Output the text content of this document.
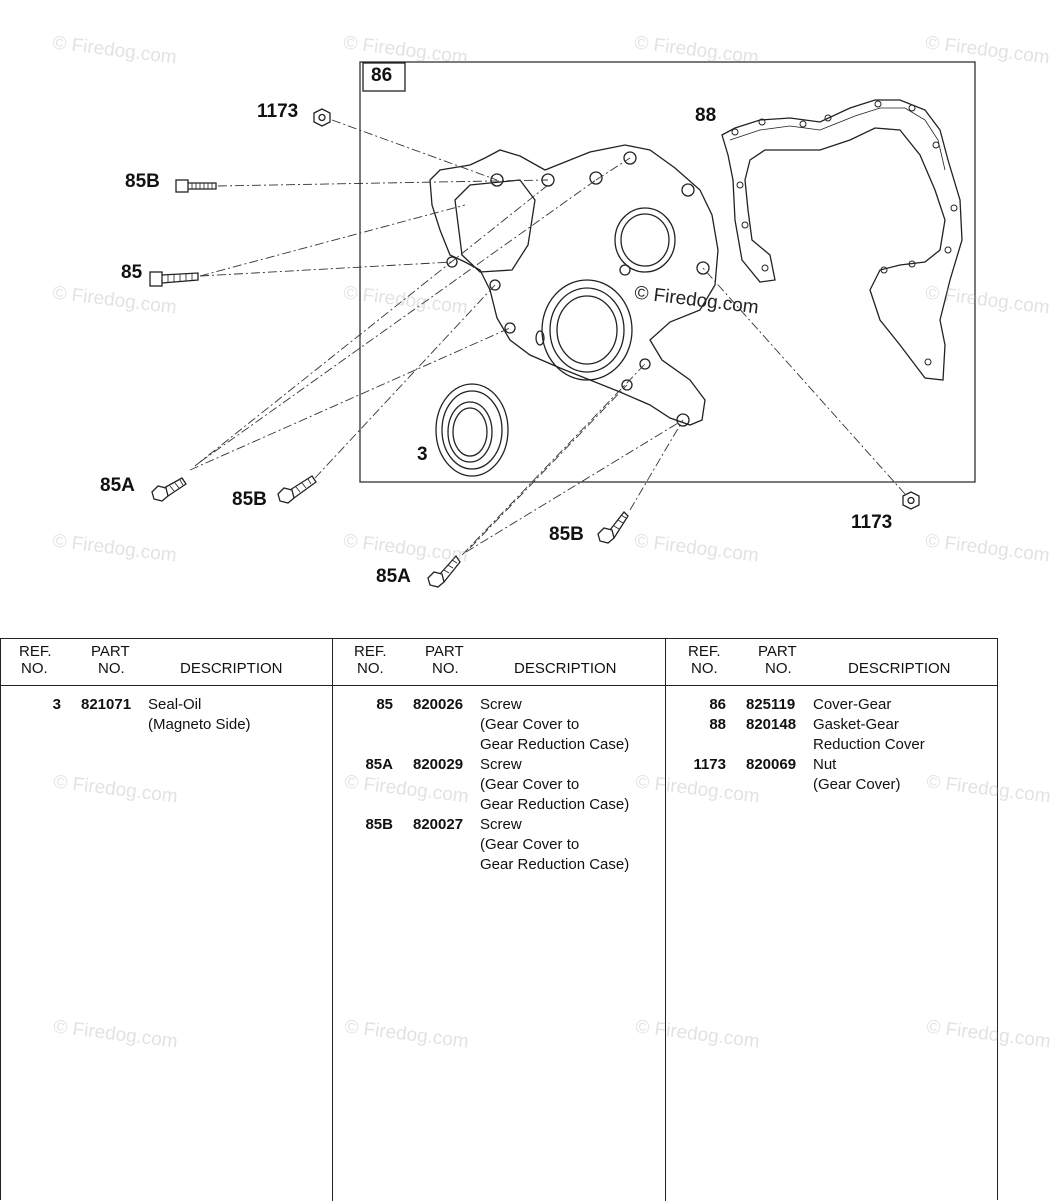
1173
85B
85
86
88
3
85A
85B
85B
1173
85A
© Firedog.com	© Firedog.com	© Firedog.com	© Firedog.com
© Firedog.com	© Firedog.com	© Firedog.com	© Firedog.com
© Firedog.com	© Firedog.com	© Firedog.com	© Firedog.com
REF.
NO.
PART
NO.	DESCRIPTION
3 821071	Seal-Oil
(Magneto Side)
REF.
NO.
PART
NO.	DESCRIPTION
85 820026	Screw
(Gear Cover to
Gear Reduction Case)
85A 820029	Screw
(Gear Cover to
Gear Reduction Case)
85B 820027	Screw
(Gear Cover to
Gear Reduction Case)
REF.
NO.
PART
NO.	DESCRIPTION
86 825119	Cover-Gear
88 820148	Gasket-Gear
Reduction Cover
1173 820069	Nut
(Gear Cover)
© Firedog.com	© Firedog.com	© Firedog.com	© Firedog.com
© Firedog.com	© Firedog.com	© Firedog.com	© Firedog.com
